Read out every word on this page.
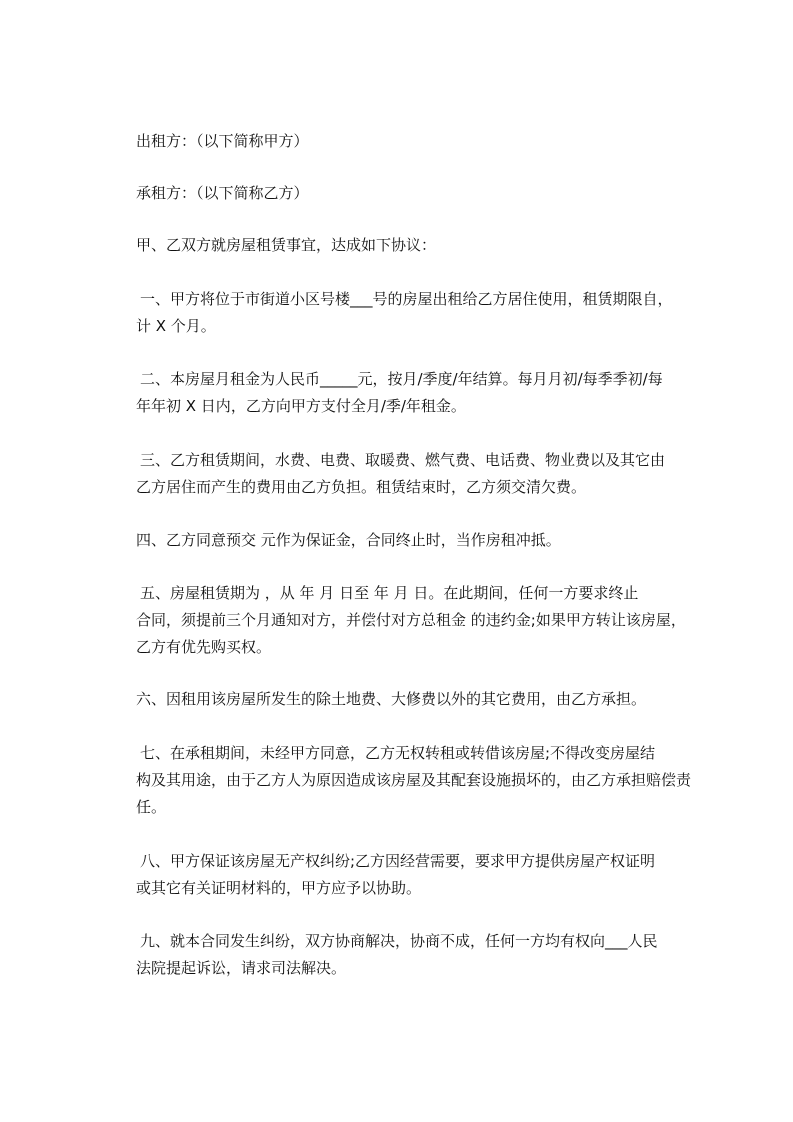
出租方：（以下简称甲方）

承租方：（以下简称乙方）

甲、乙双方就房屋租赁事宜，达成如下协议：

一、甲方将位于市街道小区号楼___号的房屋出租给乙方居住使用，租赁期限自，
计 X 个月。

二、本房屋月租金为人民币_____元，按月/季度/年结算。每月月初/每季季初/每
年年初 X 日内，乙方向甲方支付全月/季/年租金。

三、乙方租赁期间，水费、电费、取暖费、燃气费、电话费、物业费以及其它由
乙方居住而产生的费用由乙方负担。租赁结束时，乙方须交清欠费。

四、乙方同意预交 元作为保证金，合同终止时，当作房租冲抵。

五、房屋租赁期为 ，从 年 月 日至 年 月 日。在此期间，任何一方要求终止
合同，须提前三个月通知对方，并偿付对方总租金 的违约金;如果甲方转让该房屋，
乙方有优先购买权。

六、因租用该房屋所发生的除土地费、大修费以外的其它费用，由乙方承担。

七、在承租期间，未经甲方同意，乙方无权转租或转借该房屋;不得改变房屋结
构及其用途，由于乙方人为原因造成该房屋及其配套设施损坏的，由乙方承担赔偿责
任。

八、甲方保证该房屋无产权纠纷;乙方因经营需要，要求甲方提供房屋产权证明
或其它有关证明材料的，甲方应予以协助。

九、就本合同发生纠纷，双方协商解决，协商不成，任何一方均有权向___人民
法院提起诉讼，请求司法解决。
